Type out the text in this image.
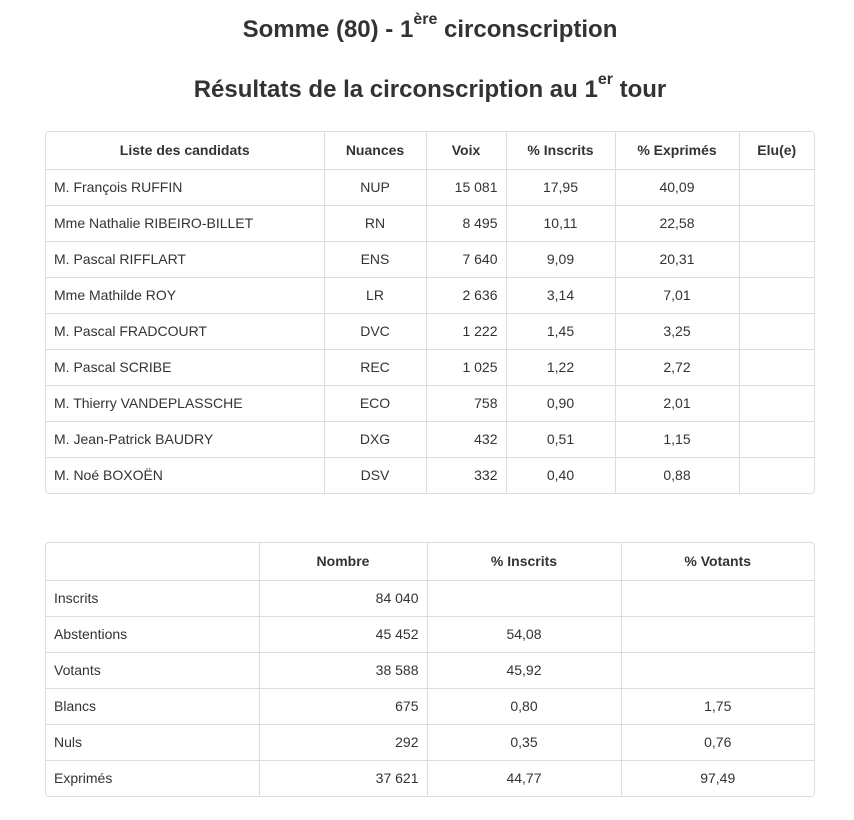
Somme (80) - 1ère circonscription
Résultats de la circonscription au 1er tour
Liste des candidats	Nuances	Voix	% Inscrits	% Exprimés	Elu(e)
M. François RUFFIN	NUP	15 081	17,95	40,09	
Mme Nathalie RIBEIRO-BILLET	RN	8 495	10,11	22,58	
M. Pascal RIFFLART	ENS	7 640	9,09	20,31	
Mme Mathilde ROY	LR	2 636	3,14	7,01	
M. Pascal FRADCOURT	DVC	1 222	1,45	3,25	
M. Pascal SCRIBE	REC	1 025	1,22	2,72	
M. Thierry VANDEPLASSCHE	ECO	758	0,90	2,01	
M. Jean-Patrick BAUDRY	DXG	432	0,51	1,15	
M. Noé BOXOËN	DSV	332	0,40	0,88	
	Nombre	% Inscrits	% Votants
Inscrits	84 040		
Abstentions	45 452	54,08	
Votants	38 588	45,92	
Blancs	675	0,80	1,75
Nuls	292	0,35	0,76
Exprimés	37 621	44,77	97,49
